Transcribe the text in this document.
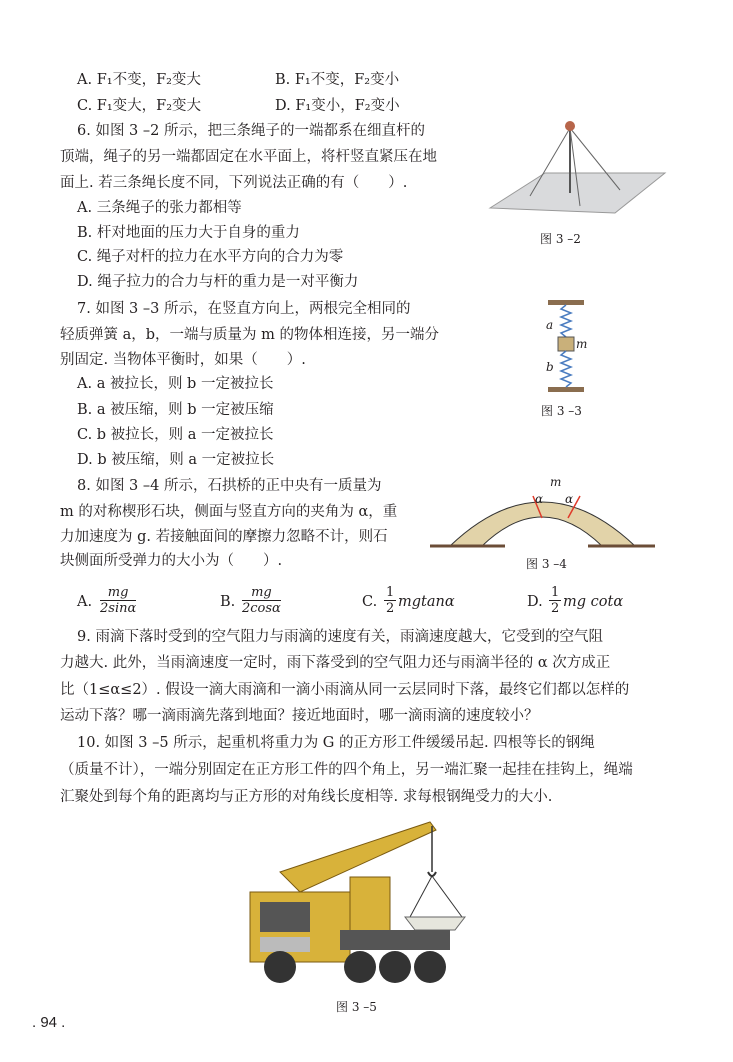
A. F₁不变，F₂变大	B. F₁不变，F₂变小
C. F₁变大，F₂变大	D. F₁变小，F₂变小
6. 如图 3 –2 所示，把三条绳子的一端都系在细直杆的
顶端，绳子的另一端都固定在水平面上，将杆竖直紧压在地
面上. 若三条绳长度不同，下列说法正确的有（　　）.
A. 三条绳子的张力都相等
B. 杆对地面的压力大于自身的重力
C. 绳子对杆的拉力在水平方向的合力为零
D. 绳子拉力的合力与杆的重力是一对平衡力
图 3 –2
7. 如图 3 –3 所示，在竖直方向上，两根完全相同的
轻质弹簧 a，b，一端与质量为 m 的物体相连接，另一端分
别固定. 当物体平衡时，如果（　　）.
A. a 被拉长，则 b 一定被拉长
B. a 被压缩，则 b 一定被压缩
C. b 被拉长，则 a 一定被拉长
D. b 被压缩，则 a 一定被拉长
a
m
b
图 3 –3
8. 如图 3 –4 所示，石拱桥的正中央有一质量为
m 的对称楔形石块，侧面与竖直方向的夹角为 α，重
力加速度为 g. 若接触面间的摩擦力忽略不计，则石
块侧面所受弹力的大小为（　　）.
m
α α
图 3 –4
A. $\frac{mg}{2\sin\alpha}$	B. $\frac{mg}{2\cos\alpha}$	C. $\frac{1}{2}$ mgtanα	D. $\frac{1}{2}$ mg cotα
9. 雨滴下落时受到的空气阻力与雨滴的速度有关，雨滴速度越大，它受到的空气阻
力越大. 此外，当雨滴速度一定时，雨下落受到的空气阻力还与雨滴半径的 α 次方成正
比（1≤α≤2）. 假设一滴大雨滴和一滴小雨滴从同一云层同时下落，最终它们都以怎样的
运动下落？哪一滴雨滴先落到地面？接近地面时，哪一滴雨滴的速度较小？
10. 如图 3 –5 所示，起重机将重力为 G 的正方形工件缓缓吊起. 四根等长的钢绳
（质量不计），一端分别固定在正方形工件的四个角上，另一端汇聚一起挂在挂钩上，绳端
汇聚处到每个角的距离均与正方形的对角线长度相等. 求每根钢绳受力的大小.
图 3 –5
. 94 .
